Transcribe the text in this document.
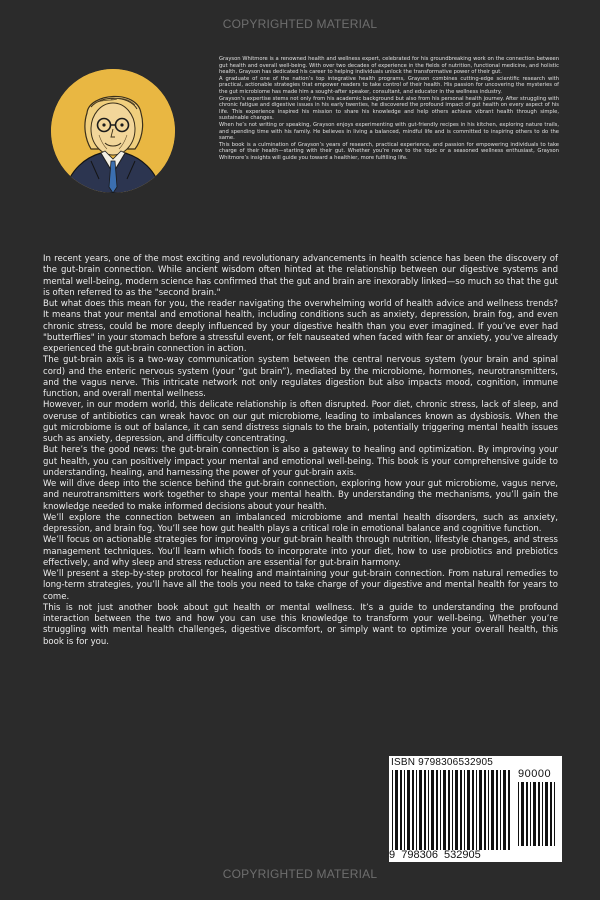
COPYRIGHTED MATERIAL

Grayson Whitmore is a renowned health and wellness expert, celebrated for his groundbreaking work on the connection between gut health and overall well-being. With over two decades of experience in the fields of nutrition, functional medicine, and holistic health, Grayson has dedicated his career to helping individuals unlock the transformative power of their gut.

A graduate of one of the nation’s top integrative health programs, Grayson combines cutting-edge scientific research with practical, actionable strategies that empower readers to take control of their health. His passion for uncovering the mysteries of the gut microbiome has made him a sought-after speaker, consultant, and educator in the wellness industry.

Grayson’s expertise stems not only from his academic background but also from his personal health journey. After struggling with chronic fatigue and digestive issues in his early twenties, he discovered the profound impact of gut health on every aspect of his life. This experience inspired his mission to share his knowledge and help others achieve vibrant health through simple, sustainable changes.

When he’s not writing or speaking, Grayson enjoys experimenting with gut-friendly recipes in his kitchen, exploring nature trails, and spending time with his family. He believes in living a balanced, mindful life and is committed to inspiring others to do the same.

This book is a culmination of Grayson’s years of research, practical experience, and passion for empowering individuals to take charge of their health—starting with their gut. Whether you’re new to the topic or a seasoned wellness enthusiast, Grayson Whitmore’s insights will guide you toward a healthier, more fulfilling life.

In recent years, one of the most exciting and revolutionary advancements in health science has been the discovery of the gut-brain connection. While ancient wisdom often hinted at the relationship between our digestive systems and mental well-being, modern science has confirmed that the gut and brain are inexorably linked—so much so that the gut is often referred to as the "second brain."

But what does this mean for you, the reader navigating the overwhelming world of health advice and wellness trends? It means that your mental and emotional health, including conditions such as anxiety, depression, brain fog, and even chronic stress, could be more deeply influenced by your digestive health than you ever imagined. If you’ve ever had "butterflies" in your stomach before a stressful event, or felt nauseated when faced with fear or anxiety, you’ve already experienced the gut-brain connection in action.

The gut-brain axis is a two-way communication system between the central nervous system (your brain and spinal cord) and the enteric nervous system (your “gut brain”), mediated by the microbiome, hormones, neurotransmitters, and the vagus nerve. This intricate network not only regulates digestion but also impacts mood, cognition, immune function, and overall mental wellness.

However, in our modern world, this delicate relationship is often disrupted. Poor diet, chronic stress, lack of sleep, and overuse of antibiotics can wreak havoc on our gut microbiome, leading to imbalances known as dysbiosis. When the gut microbiome is out of balance, it can send distress signals to the brain, potentially triggering mental health issues such as anxiety, depression, and difficulty concentrating.

But here’s the good news: the gut-brain connection is also a gateway to healing and optimization. By improving your gut health, you can positively impact your mental and emotional well-being. This book is your comprehensive guide to understanding, healing, and harnessing the power of your gut-brain axis.

We will dive deep into the science behind the gut-brain connection, exploring how your gut microbiome, vagus nerve, and neurotransmitters work together to shape your mental health. By understanding the mechanisms, you’ll gain the knowledge needed to make informed decisions about your health.

We’ll explore the connection between an imbalanced microbiome and mental health disorders, such as anxiety, depression, and brain fog. You’ll see how gut health plays a critical role in emotional balance and cognitive function.

We’ll focus on actionable strategies for improving your gut-brain health through nutrition, lifestyle changes, and stress management techniques. You’ll learn which foods to incorporate into your diet, how to use probiotics and prebiotics effectively, and why sleep and stress reduction are essential for gut-brain harmony.

We’ll present a step-by-step protocol for healing and maintaining your gut-brain connection. From natural remedies to long-term strategies, you’ll have all the tools you need to take charge of your digestive and mental health for years to come.

This is not just another book about gut health or mental wellness. It’s a guide to understanding the profound interaction between the two and how you can use this knowledge to transform your well-being. Whether you’re struggling with mental health challenges, digestive discomfort, or simply want to optimize your overall health, this book is for you.

ISBN 9798306532905
90000
9  798306  532905
COPYRIGHTED MATERIAL
